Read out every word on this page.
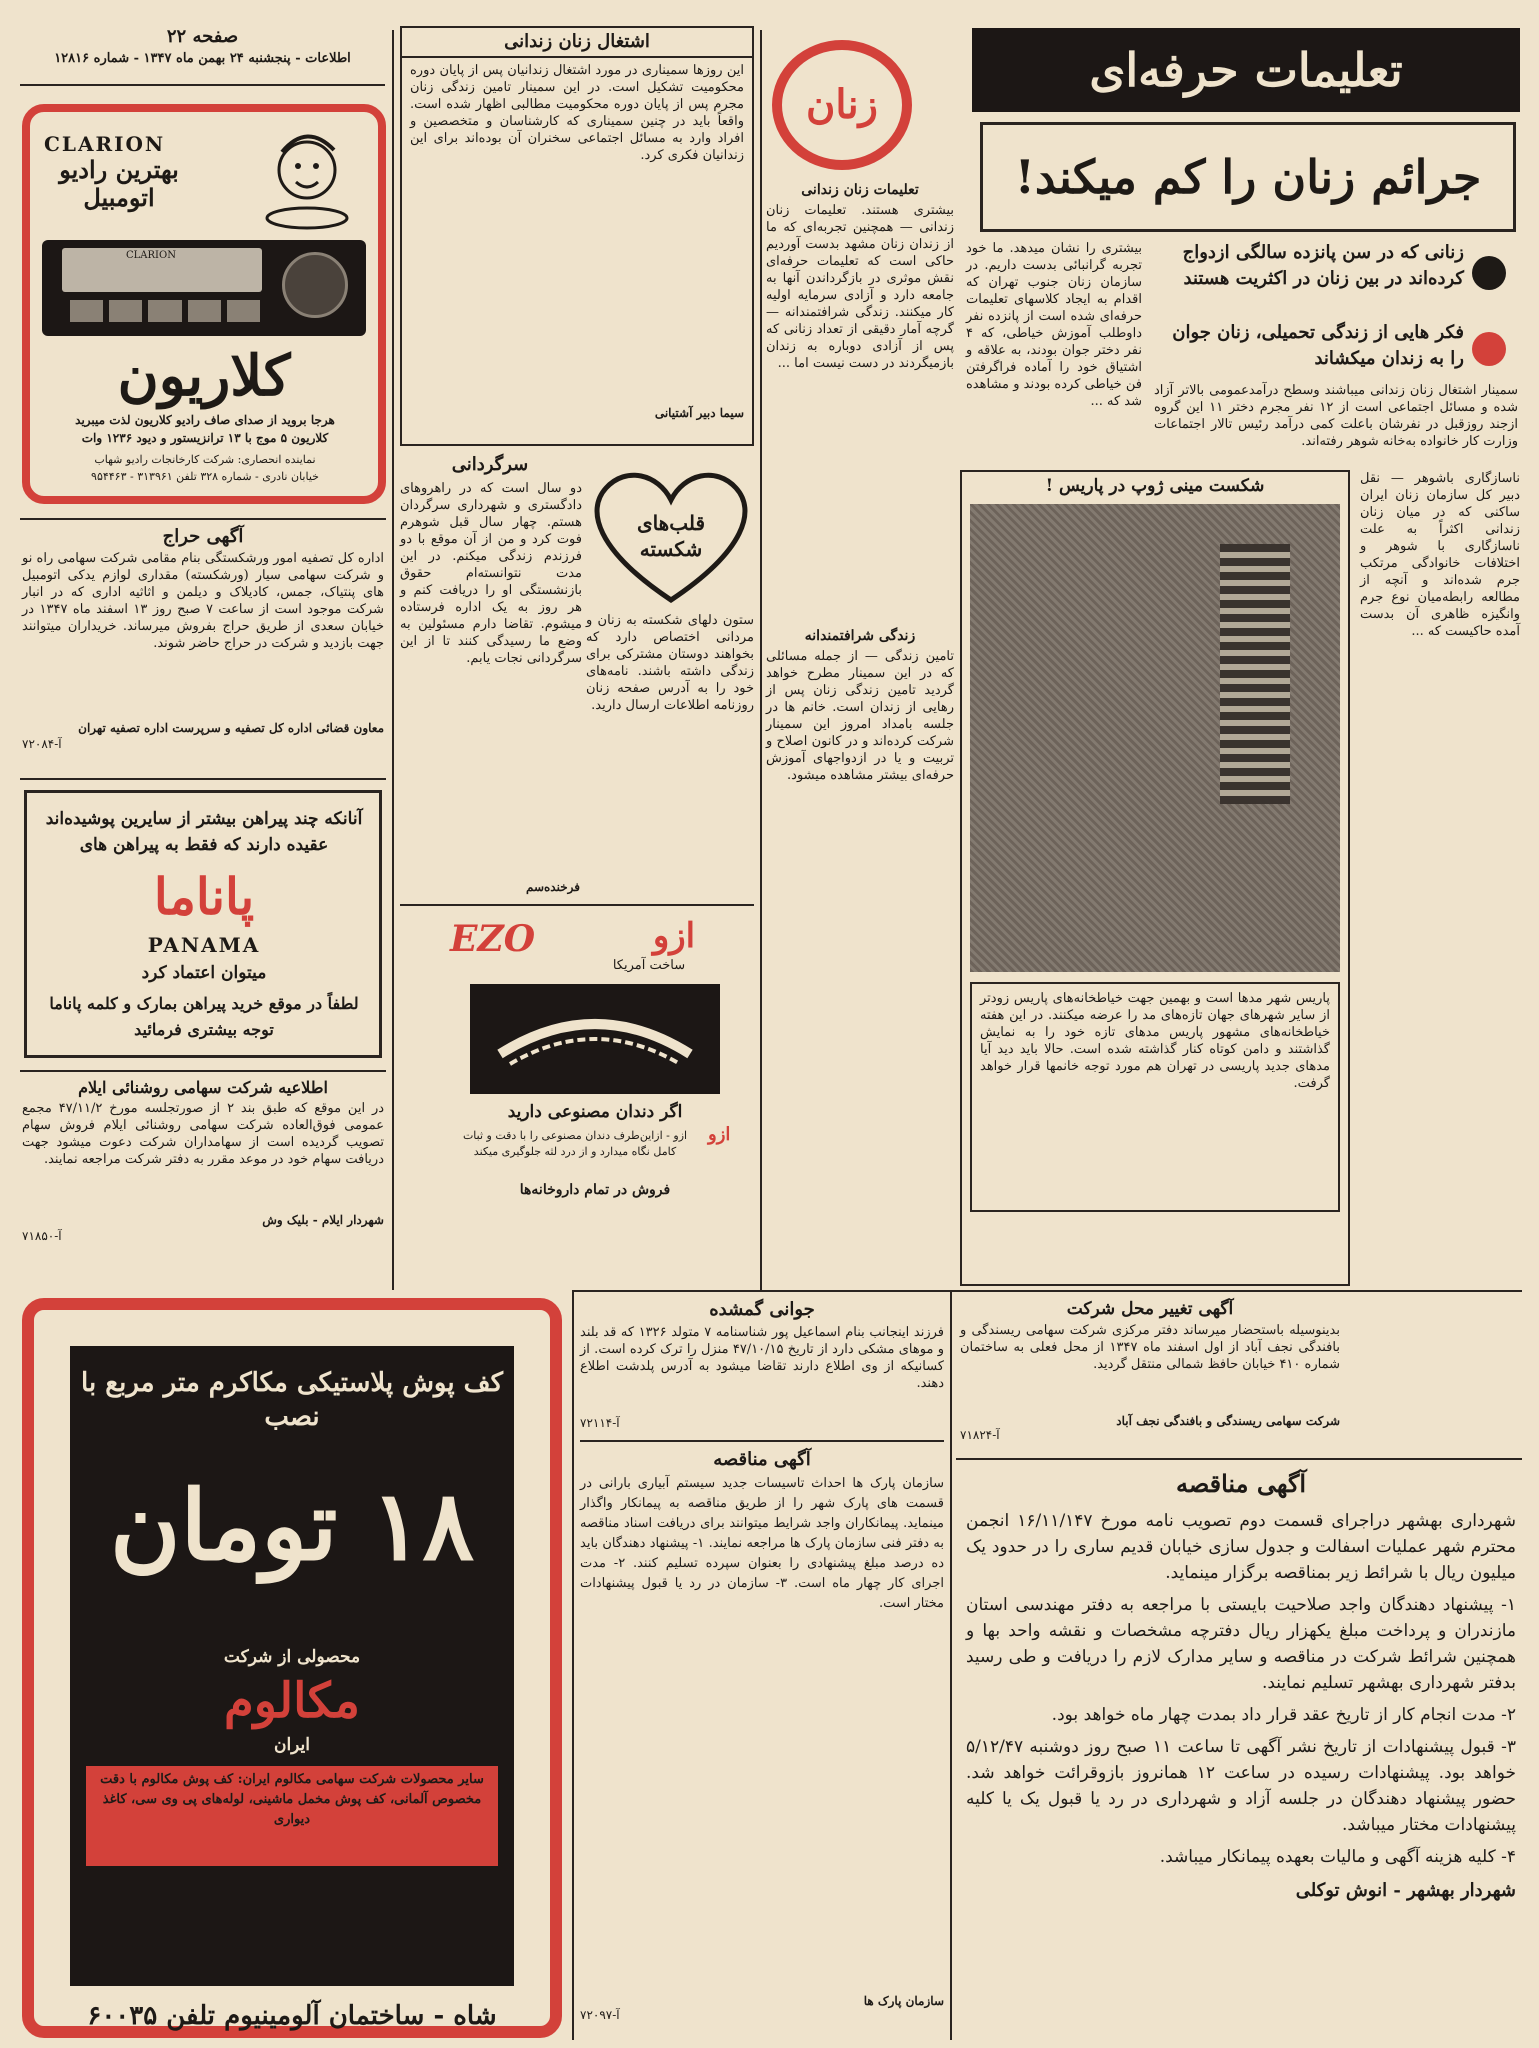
صفحه ۲۲
اطلاعات - پنجشنبه ۲۴ بهمن ماه ۱۳۴۷ - شماره ۱۲۸۱۶
CLARION
بهترین رادیو اتومبیل
CLARION
کلاریون
هرجا بروید از صدای صاف رادیو کلاریون لذت میبرید
کلاریون ۵ موج با ۱۳ ترانزیستور و دیود ۱۲۳۶ وات
نماینده انحصاری: شرکت کارخانجات رادیو شهاب
خیابان نادری - شماره ۳۲۸ تلفن ۳۱۳۹۶۱ - ۹۵۴۴۶۳
آگهی حراج
اداره کل تصفیه امور ورشکستگی بنام مقامی شرکت سهامی راه نو و شرکت سهامی سیار (ورشکسته) مقداری لوازم یدکی اتومبیل های پنتیاک، جمس، کادیلاک و دیلمن و اثاثیه اداری که در انبار شرکت موجود است از ساعت ۷ صبح روز ۱۳ اسفند ماه ۱۳۴۷ در خیابان سعدی از طریق حراج بفروش میرساند. خریداران میتوانند جهت بازدید و شرکت در حراج حاضر شوند.
معاون قضائی اداره کل تصفیه و سرپرست اداره تصفیه تهران
آ-۷۲۰۸۴
آنانکه چند پیراهن بیشتر از سایرین پوشیده‌اند
عقیده دارند که فقط به پیراهن های
پاناما
PANAMA
میتوان اعتماد کرد
لطفاً در موقع خرید پیراهن بمارک و کلمه پاناما توجه بیشتری فرمائید
اطلاعیه شرکت سهامی روشنائی ایلام
در این موقع که طبق بند ۲ از صورتجلسه مورخ ۴۷/۱۱/۲ مجمع عمومی فوق‌العاده شرکت سهامی روشنائی ایلام فروش سهام تصویب گردیده است از سهامداران شرکت دعوت میشود جهت دریافت سهام خود در موعد مقرر به دفتر شرکت مراجعه نمایند.
شهردار ایلام - بلیک وش
آ-۷۱۸۵۰
کف پوش پلاستیکی مکاکرم متر مربع با نصب
۱۸ تومان
محصولی از شرکت
مکالوم
ایران
سایر محصولات شرکت سهامی مکالوم ایران: کف پوش مکالوم با دقت مخصوص آلمانی، کف پوش مخمل ماشینی، لوله‌های پی وی سی، کاغذ دیواری
شاه - ساختمان آلومینیوم تلفن ۶۰۰۳۵
اشتغال زنان زندانی
این روزها سمیناری در مورد اشتغال زندانیان پس از پایان دوره محکومیت تشکیل است. در این سمینار تامین زندگی زنان مجرم پس از پایان دوره محکومیت مطالبی اظهار شده است. واقعاً باید در چنین سمیناری که کارشناسان و متخصصین و افراد وارد به مسائل اجتماعی سخنران آن بوده‌اند برای این زندانیان فکری کرد.
سیما دبیر آشتیانی
قلب‌های شکسته
سرگردانی
دو سال است که در راهروهای دادگستری و شهرداری سرگردان هستم. چهار سال قبل شوهرم فوت کرد و من از آن موقع با دو فرزندم زندگی میکنم. در این مدت نتوانسته‌ام حقوق بازنشستگی او را دریافت کنم و هر روز به یک اداره فرستاده میشوم. تقاضا دارم مسئولین به وضع ما رسیدگی کنند تا از این سرگردانی نجات یابم.
ستون دلهای شکسته به زنان و مردانی اختصاص دارد که بخواهند دوستان مشترکی برای زندگی داشته باشند. نامه‌های خود را به آدرس صفحه زنان روزنامه اطلاعات ارسال دارید.
فرخنده‌سم
EZO	ازو
ساخت آمریکا
اگر دندان مصنوعی دارید
ازو - ازاین‌طرف دندان مصنوعی را با دقت و ثبات کامل نگاه میدارد و از درد لثه جلوگیری میکند
فروش در تمام داروخانه‌ها
ازو
زنان
تعلیمات زنان زندانی
بیشتری هستند. تعلیمات زنان زندانی — همچنین تجربه‌ای که ما از زندان زنان مشهد بدست آوردیم حاکی است که تعلیمات حرفه‌ای نقش موثری در بازگرداندن آنها به جامعه دارد و آزادی سرمایه اولیه کار میکنند. زندگی شرافتمندانه — گرچه آمار دقیقی از تعداد زنانی که پس از آزادی دوباره به زندان بازمیگردند در دست نیست اما ...
زندگی شرافتمندانه
تامین زندگی — از جمله مسائلی که در این سمینار مطرح خواهد گردید تامین زندگی زنان پس از رهایی از زندان است. خانم ها در جلسه بامداد امروز این سمینار شرکت کرده‌اند و در کانون اصلاح و تربیت و یا در ازدواجهای آموزش حرفه‌ای بیشتر مشاهده میشود.
تعلیمات حرفه‌ای
جرائم زنان را کم میکند!
بیشتری را نشان میدهد. ما خود تجربه گرانبائی بدست داریم. در سازمان زنان جنوب تهران که اقدام به ایجاد کلاسهای تعلیمات حرفه‌ای شده است از پانزده نفر داوطلب آموزش خیاطی، که ۴ نفر دختر جوان بودند، به علاقه و اشتیاق خود را آماده فراگرفتن فن خیاطی کرده بودند و مشاهده شد که ...
زنانی که در سن پانزده سالگی ازدواج کرده‌اند در بین زنان در اکثریت هستند
فکر هایی از زندگی تحمیلی، زنان جوان را به زندان میکشاند
سمینار اشتغال زنان زندانی میباشند وسطح درآمدعمومی بالاتر آزاد شده و مسائل اجتماعی است از ۱۲ نفر مجرم دختر ۱۱ این گروه ازجند روزقبل در نفرشان باعلت کمی درآمد رئیس تالار اجتماعات وزارت کار خانواده به‌خانه شوهر رفته‌اند.
شکست مینی ژوپ در پاریس !
پاریس شهر مدها است و بهمین جهت خیاطخانه‌های پاریس زودتر از سایر شهرهای جهان تازه‌های مد را عرضه میکنند. در این هفته خیاطخانه‌های مشهور پاریس مدهای تازه خود را به نمایش گذاشتند و دامن کوتاه کنار گذاشته شده است. حالا باید دید آیا مدهای جدید پاریسی در تهران هم مورد توجه خانمها قرار خواهد گرفت.
ناسازگاری باشوهر — نقل دبیر کل سازمان زنان ایران ساکنی که در میان زنان زندانی اکثراً به علت ناسازگاری با شوهر و اختلافات خانوادگی مرتکب جرم شده‌اند و آنچه از مطالعه رابطه‌میان نوع جرم وانگیزه ظاهری آن بدست آمده حاکیست که ...
جوانی گمشده
فرزند اینجانب بنام اسماعیل پور شناسنامه ۷ متولد ۱۳۲۶ که قد بلند و موهای مشکی دارد از تاریخ ۴۷/۱۰/۱۵ منزل را ترک کرده است. از کسانیکه از وی اطلاع دارند تقاضا میشود به آدرس پلدشت اطلاع دهند.
آ-۷۲۱۱۴
آگهی مناقصه
سازمان پارک ها احداث تاسیسات جدید سیستم آبیاری بارانی در قسمت های پارک شهر را از طریق مناقصه به پیمانکار واگذار مینماید. پیمانکاران واجد شرایط میتوانند برای دریافت اسناد مناقصه به دفتر فنی سازمان پارک ها مراجعه نمایند. ۱- پیشنهاد دهندگان باید ده درصد مبلغ پیشنهادی را بعنوان سپرده تسلیم کنند. ۲- مدت اجرای کار چهار ماه است. ۳- سازمان در رد یا قبول پیشنهادات مختار است.
سازمان پارک ها
آ-۷۲۰۹۷
آگهی تغییر محل شرکت
بدینوسیله باستحضار میرساند دفتر مرکزی شرکت سهامی ریسندگی و بافندگی نجف آباد از اول اسفند ماه ۱۳۴۷ از محل فعلی به ساختمان شماره ۴۱۰ خیابان حافظ شمالی منتقل گردید.
شرکت سهامی ریسندگی و بافندگی نجف آباد
آ-۷۱۸۲۴
آگهی مناقصه
شهرداری بهشهر دراجرای قسمت دوم تصویب نامه مورخ ۱۶/۱۱/۱۴۷ انجمن محترم شهر عملیات اسفالت و جدول سازی خیابان قدیم ساری را در حدود یک میلیون ریال با شرائط زیر بمناقصه برگزار مینماید.
۱- پیشنهاد دهندگان واجد صلاحیت بایستی با مراجعه به دفتر مهندسی استان مازندران و پرداخت مبلغ یکهزار ریال دفترچه مشخصات و نقشه واحد بها و همچنین شرائط شرکت در مناقصه و سایر مدارک لازم را دریافت و طی رسید بدفتر شهرداری بهشهر تسلیم نمایند.
۲- مدت انجام کار از تاریخ عقد قرار داد بمدت چهار ماه خواهد بود.
۳- قبول پیشنهادات از تاریخ نشر آگهی تا ساعت ۱۱ صبح روز دوشنبه ۵/۱۲/۴۷ خواهد بود. پیشنهادات رسیده در ساعت ۱۲ همانروز بازوقرائت خواهد شد. حضور پیشنهاد دهندگان در جلسه آزاد و شهرداری در رد یا قبول یک یا کلیه پیشنهادات مختار میباشد.
۴- کلیه هزینه آگهی و مالیات بعهده پیمانکار میباشد.
شهردار بهشهر - انوش توکلی
